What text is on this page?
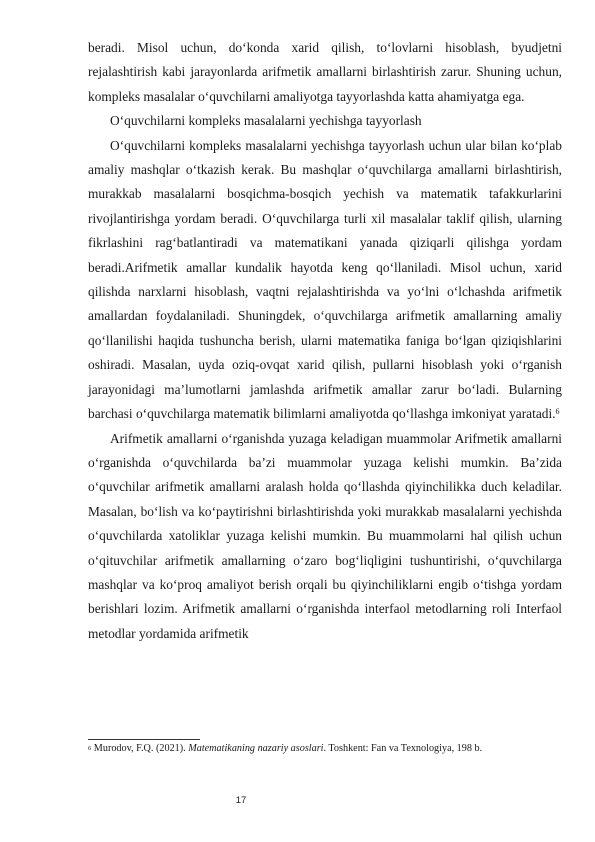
beradi. Misol uchun, do‘konda xarid qilish, to‘lovlarni hisoblash, byudjetni rejalashtirish kabi jarayonlarda arifmetik amallarni birlashtirish zarur. Shuning uchun, kompleks masalalar o‘quvchilarni amaliyotga tayyorlashda katta ahamiyatga ega.

O‘quvchilarni kompleks masalalarni yechishga tayyorlash

O‘quvchilarni kompleks masalalarni yechishga tayyorlash uchun ular bilan ko‘plab amaliy mashqlar o‘tkazish kerak. Bu mashqlar o‘quvchilarga amallarni birlashtirish, murakkab masalalarni bosqichma-bosqich yechish va matematik tafakkurlarini rivojlantirishga yordam beradi. O‘quvchilarga turli xil masalalar taklif qilish, ularning fikrlashini rag‘batlantiradi va matematikani yanada qiziqarli qilishga yordam beradi.Arifmetik amallar kundalik hayotda keng qo‘llaniladi. Misol uchun, xarid qilishda narxlarni hisoblash, vaqtni rejalashtirishda va yo‘lni o‘lchashda arifmetik amallardan foydalaniladi. Shuningdek, o‘quvchilarga arifmetik amallarning amaliy qo‘llanilishi haqida tushuncha berish, ularni matematika faniga bo‘lgan qiziqishlarini oshiradi. Masalan, uyda oziq-ovqat xarid qilish, pullarni hisoblash yoki o‘rganish jarayonidagi ma’lumotlarni jamlashda arifmetik amallar zarur bo‘ladi. Bularning barchasi o‘quvchilarga matematik bilimlarni amaliyotda qo‘llashga imkoniyat yaratadi.$^6$

Arifmetik amallarni o‘rganishda yuzaga keladigan muammolar Arifmetik amallarni o‘rganishda o‘quvchilarda ba’zi muammolar yuzaga kelishi mumkin. Ba’zida o‘quvchilar arifmetik amallarni aralash holda qo‘llashda qiyinchilikka duch keladilar. Masalan, bo‘lish va ko‘paytirishni birlashtirishda yoki murakkab masalalarni yechishda o‘quvchilarda xatoliklar yuzaga kelishi mumkin. Bu muammolarni hal qilish uchun o‘qituvchilar arifmetik amallarning o‘zaro bog‘liqligini tushuntirishi, o‘quvchilarga mashqlar va ko‘proq amaliyot berish orqali bu qiyinchiliklarni engib o‘tishga yordam berishlari lozim. Arifmetik amallarni o‘rganishda interfaol metodlarning roli Interfaol metodlar yordamida arifmetik

$^6$ Murodov, F.Q. (2021). Matematikaning nazariy asoslari. Toshkent: Fan va Texnologiya, 198 b.
17
